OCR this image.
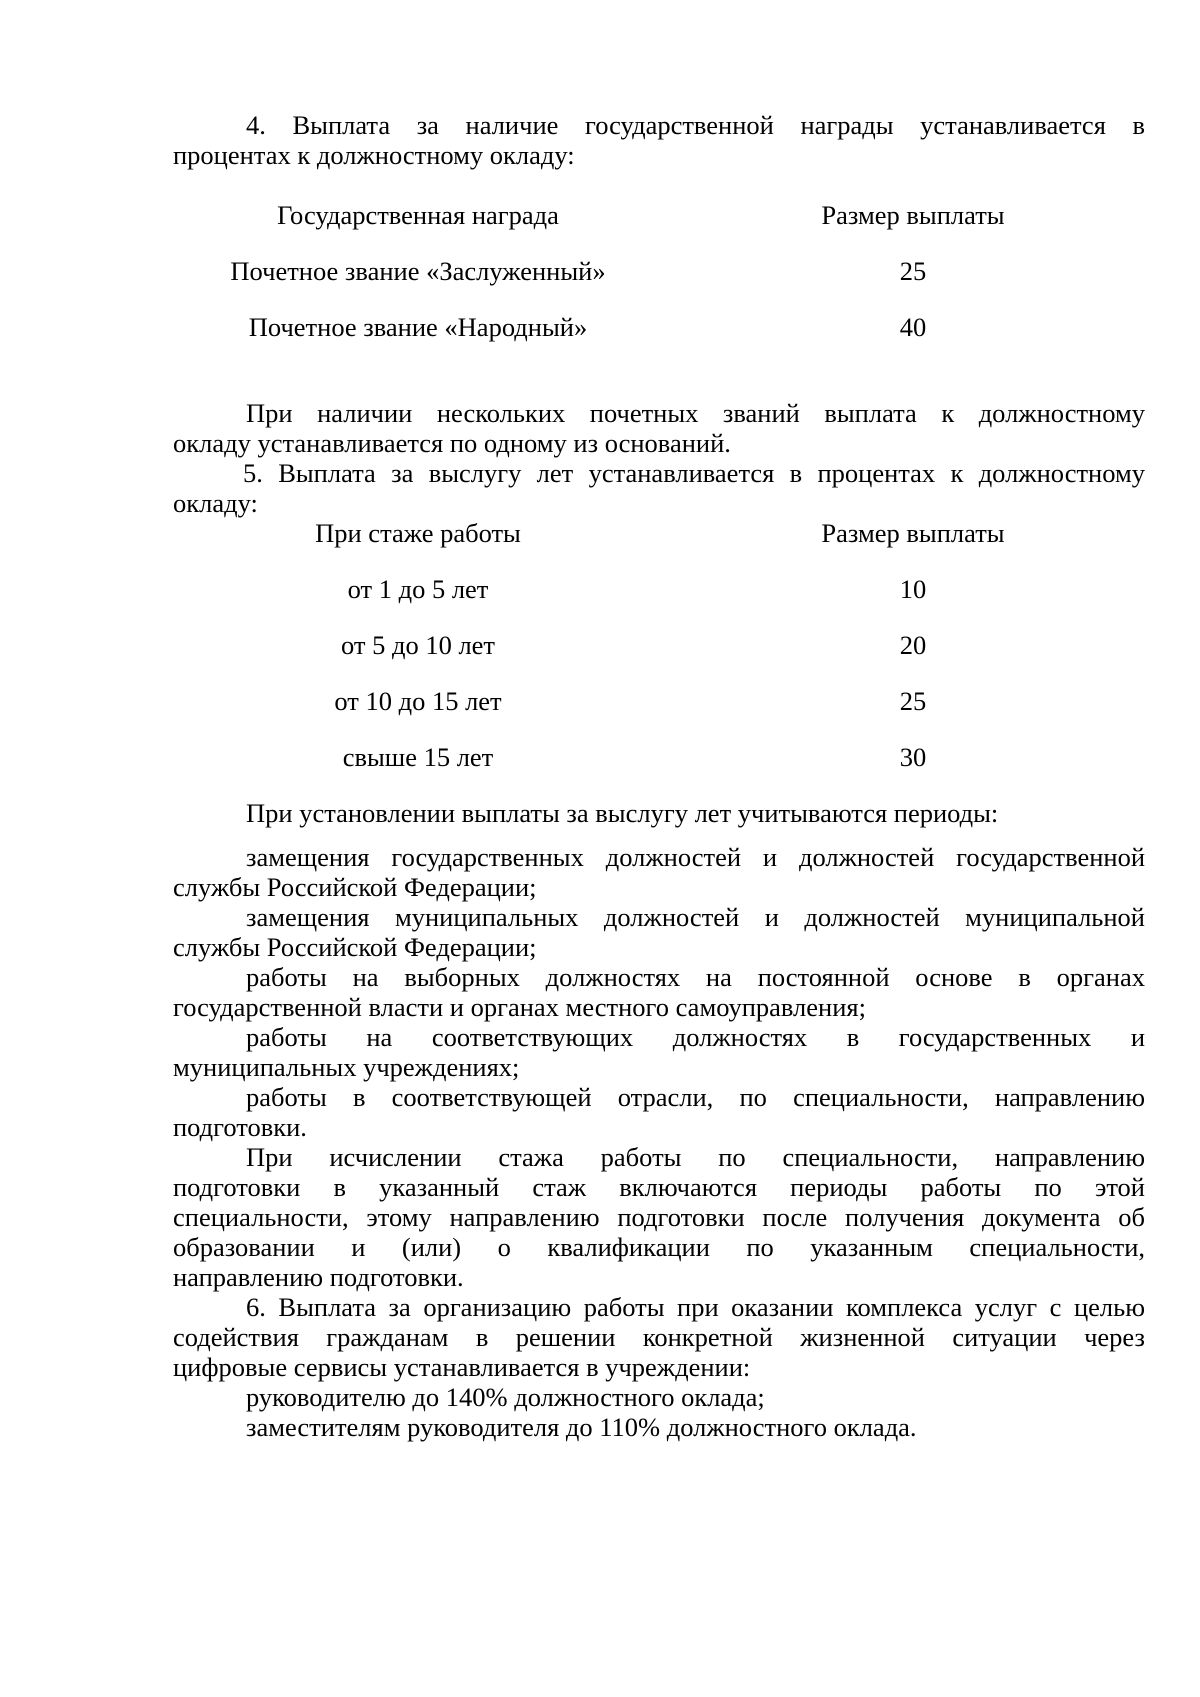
4. Выплата за наличие государственной награды устанавливается в
процентах к должностному окладу:
Государственная награда	Размер выплаты
Почетное звание «Заслуженный»	25
Почетное звание «Народный»	40
При наличии нескольких почетных званий выплата к должностному
окладу устанавливается по одному из оснований.
5. Выплата за выслугу лет устанавливается в процентах к должностному
окладу:
При стаже работы	Размер выплаты
от 1 до 5 лет	10
от 5 до 10 лет	20
от 10 до 15 лет	25
свыше 15 лет	30
При установлении выплаты за выслугу лет учитываются периоды:
замещения государственных должностей и должностей государственной
службы Российской Федерации;
замещения муниципальных должностей и должностей муниципальной
службы Российской Федерации;
работы на выборных должностях на постоянной основе в органах
государственной власти и органах местного самоуправления;
работы на соответствующих должностях в государственных и
муниципальных учреждениях;
работы в соответствующей отрасли, по специальности, направлению
подготовки.
При исчислении стажа работы по специальности, направлению
подготовки в указанный стаж включаются периоды работы по этой
специальности, этому направлению подготовки после получения документа об
образовании и (или) о квалификации по указанным специальности,
направлению подготовки.
6. Выплата за организацию работы при оказании комплекса услуг с целью
содействия гражданам в решении конкретной жизненной ситуации через
цифровые сервисы устанавливается в учреждении:
руководителю до 140% должностного оклада;
заместителям руководителя до 110% должностного оклада.
